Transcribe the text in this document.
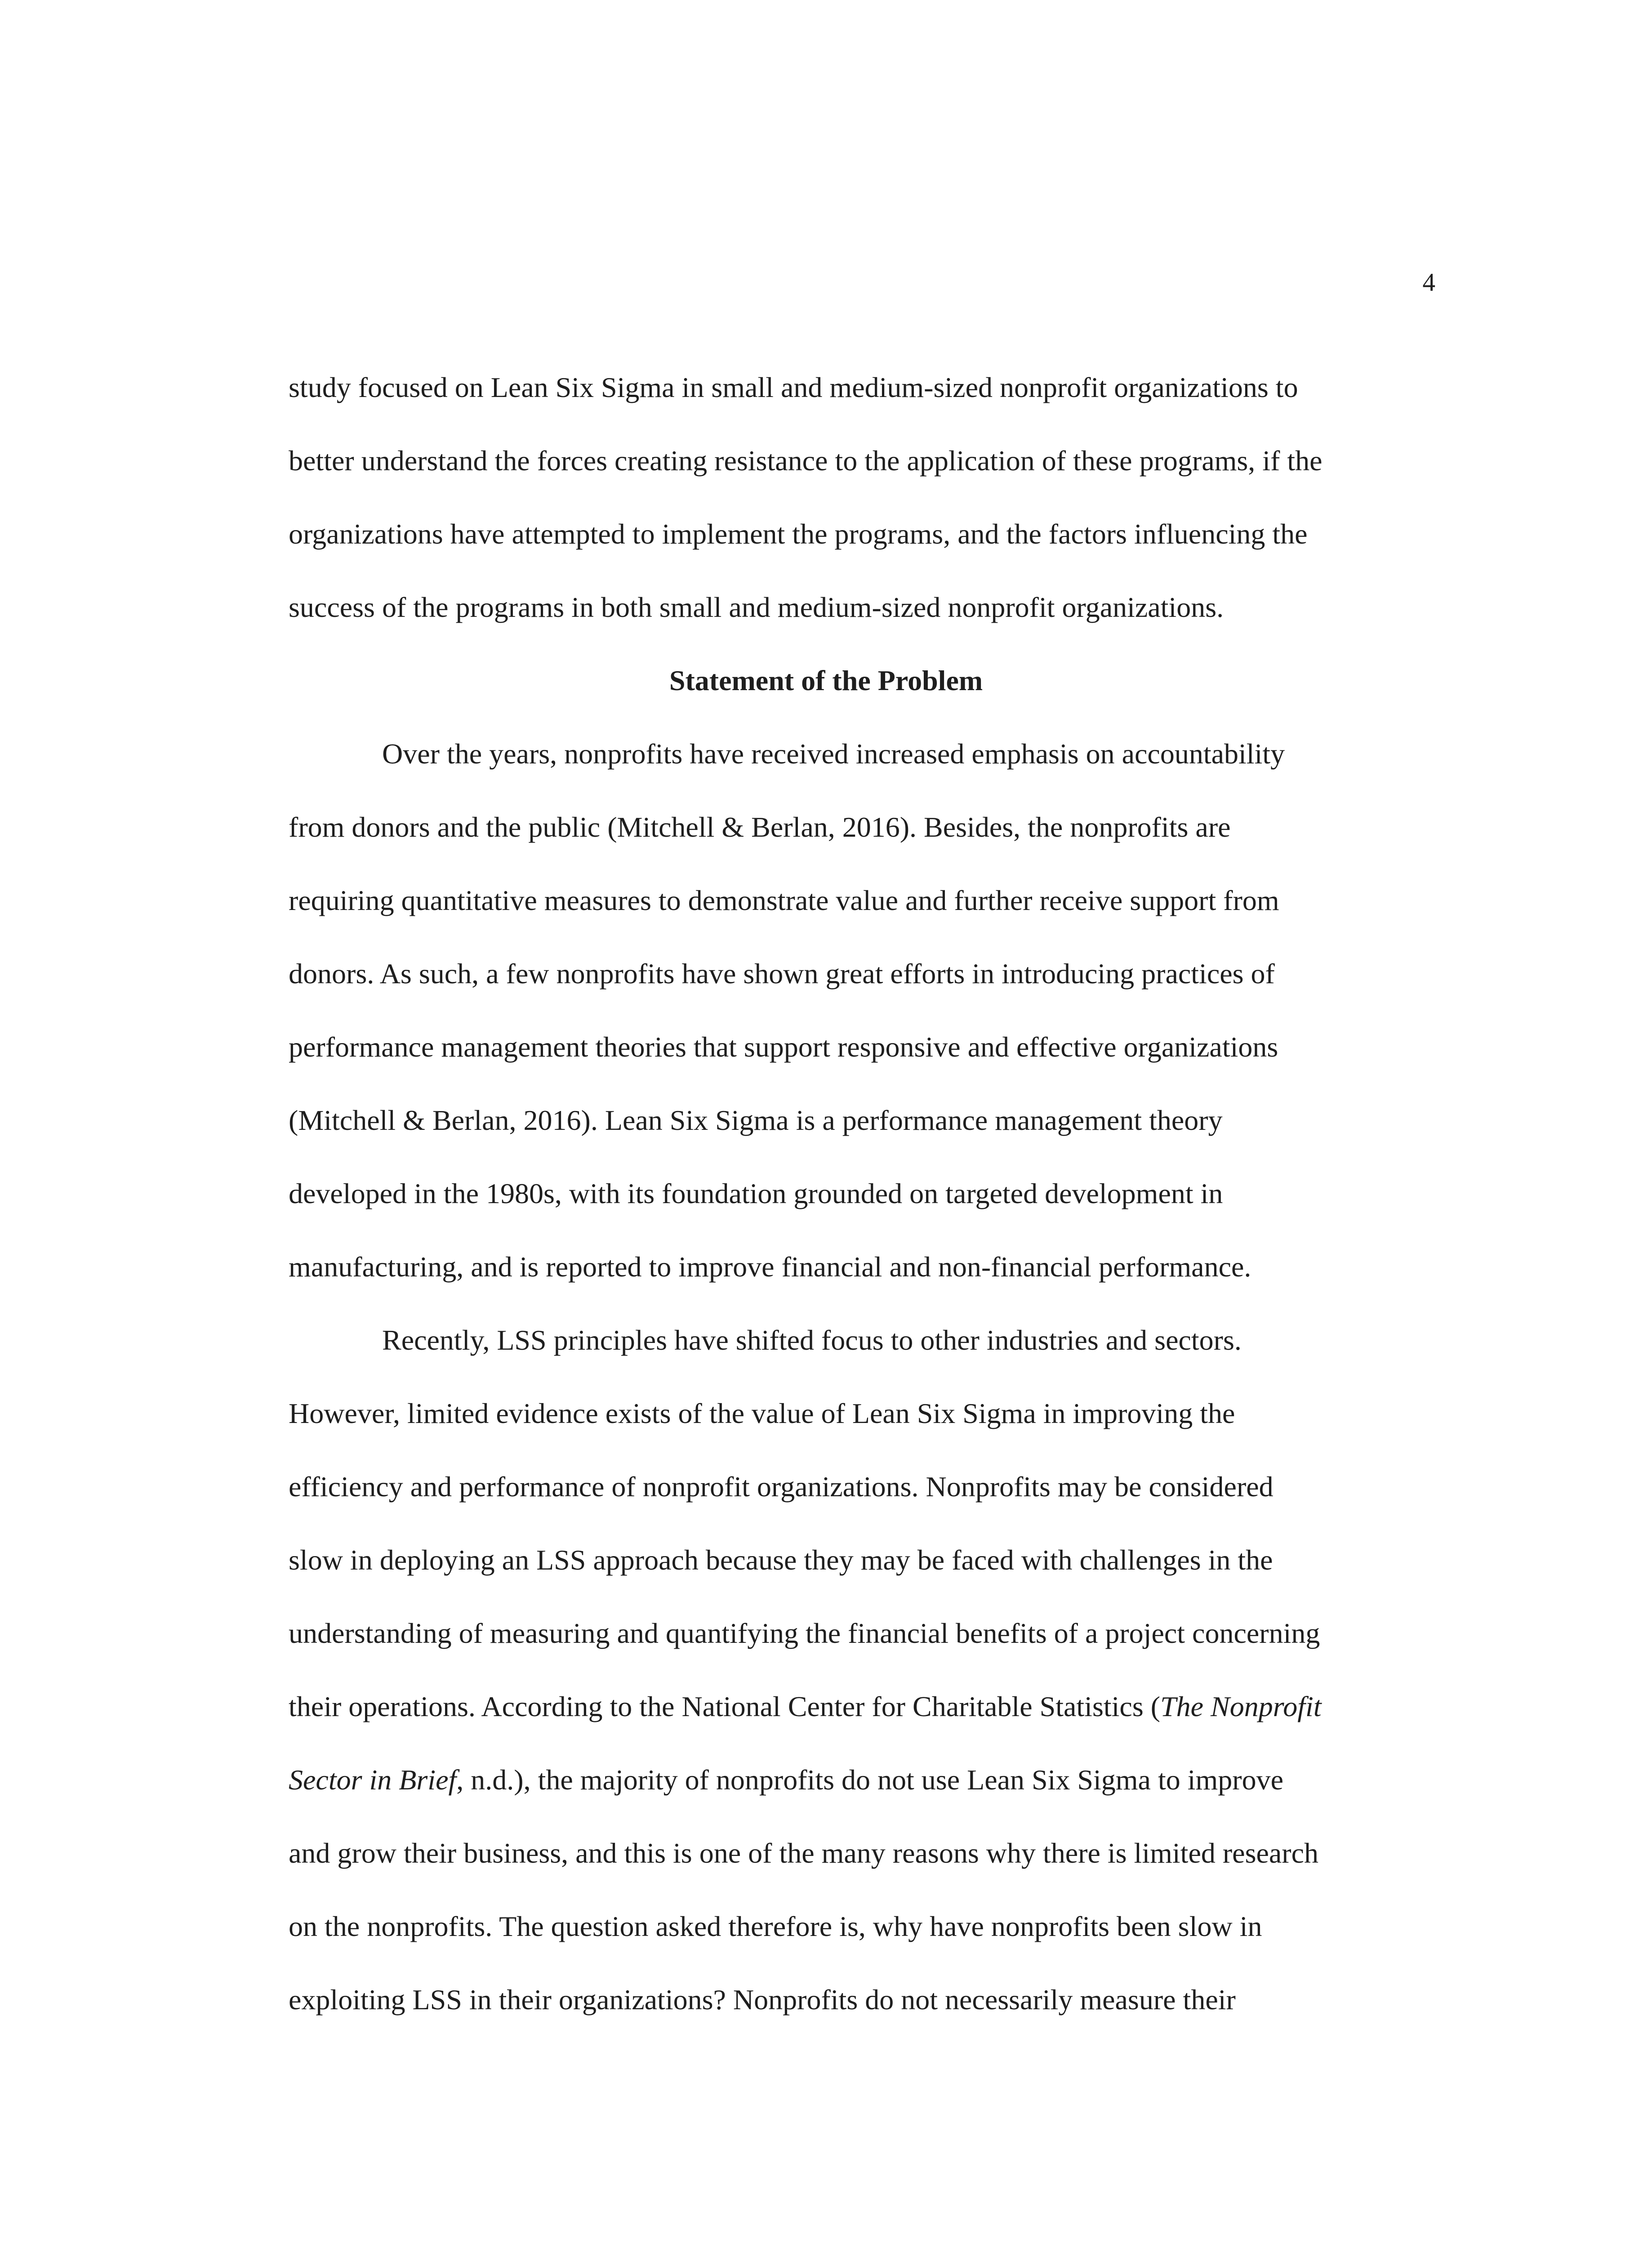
4
study focused on Lean Six Sigma in small and medium-sized nonprofit organizations to
better understand the forces creating resistance to the application of these programs, if the
organizations have attempted to implement the programs, and the factors influencing the
success of the programs in both small and medium-sized nonprofit organizations.
Statement of the Problem
Over the years, nonprofits have received increased emphasis on accountability
from donors and the public (Mitchell & Berlan, 2016). Besides, the nonprofits are
requiring quantitative measures to demonstrate value and further receive support from
donors. As such, a few nonprofits have shown great efforts in introducing practices of
performance management theories that support responsive and effective organizations
(Mitchell & Berlan, 2016). Lean Six Sigma is a performance management theory
developed in the 1980s, with its foundation grounded on targeted development in
manufacturing, and is reported to improve financial and non-financial performance.
Recently, LSS principles have shifted focus to other industries and sectors.
However, limited evidence exists of the value of Lean Six Sigma in improving the
efficiency and performance of nonprofit organizations. Nonprofits may be considered
slow in deploying an LSS approach because they may be faced with challenges in the
understanding of measuring and quantifying the financial benefits of a project concerning
their operations. According to the National Center for Charitable Statistics (The Nonprofit
Sector in Brief, n.d.), the majority of nonprofits do not use Lean Six Sigma to improve
and grow their business, and this is one of the many reasons why there is limited research
on the nonprofits. The question asked therefore is, why have nonprofits been slow in
exploiting LSS in their organizations? Nonprofits do not necessarily measure their
